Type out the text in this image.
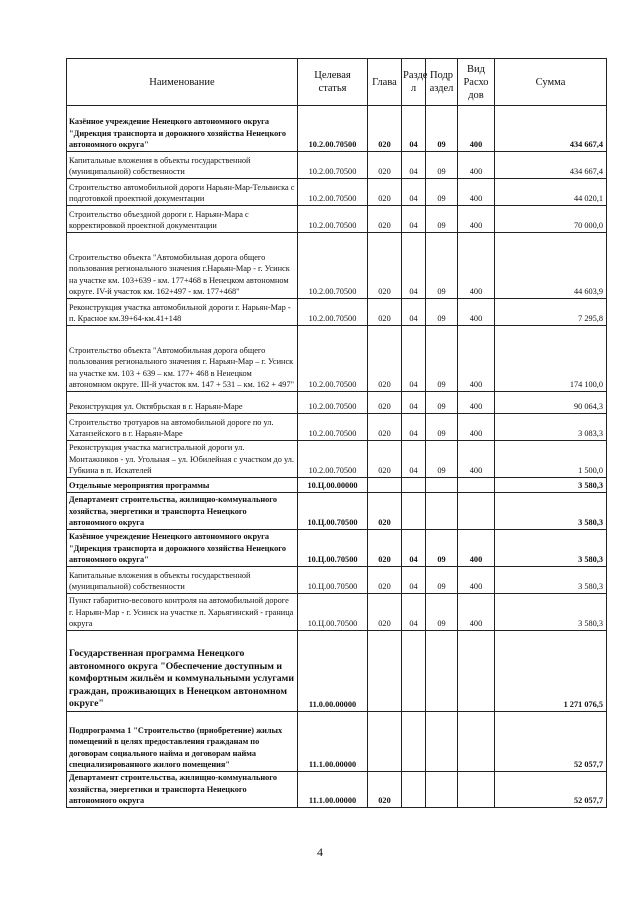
Наименование	Целевая статья	Глава	Разде л	Подр аздел	Вид Расхо дов	Сумма
Казённое учреждение Ненецкого автономного округа "Дирекция транспорта и дорожного хозяйства Ненецкого автономного округа"	10.2.00.70500	020	04	09	400	434 667,4
Капитальные вложения в объекты государственной (муниципальной) собственности	10.2.00.70500	020	04	09	400	434 667,4
Строительство автомобильной дороги Нарьян-Мар-Тельвиска с подготовкой проектной документации	10.2.00.70500	020	04	09	400	44 020,1
Строительство объездной дороги г. Нарьян-Мара с корректировкой проектной документации	10.2.00.70500	020	04	09	400	70 000,0
Строительство объекта "Автомобильная дорога общего пользования регионального значения г.Нарьян-Мар - г. Усинск на участке км. 103+639 - км. 177+468 в Ненецком автономном округе. IV-й участок км. 162+497 - км. 177+468"	10.2.00.70500	020	04	09	400	44 603,9
Реконструкция участка автомобильной дороги г. Нарьян-Мар - п. Красное км.39+64-км.41+148	10.2.00.70500	020	04	09	400	7 295,8
Строительство объекта "Автомобильная дорога общего пользования регионального значения г. Нарьян-Мар – г. Усинск на участке км. 103 + 639 – км. 177+ 468 в Ненецком автономном округе. III-й участок км. 147 + 531 – км. 162 + 497"	10.2.00.70500	020	04	09	400	174 100,0
Реконструкция ул. Октябрьская в г. Нарьян-Маре	10.2.00.70500	020	04	09	400	90 064,3
Строительство тротуаров на автомобильной дороге по ул. Хатанзейского в г. Нарьян-Маре	10.2.00.70500	020	04	09	400	3 083,3
Реконструкция участка магистральной дороги ул. Монтажников - ул. Угольная – ул. Юбилейная с участком до ул. Губкина в п. Искателей	10.2.00.70500	020	04	09	400	1 500,0
Отдельные мероприятия программы	10.Ц.00.00000					3 580,3
Департамент строительства, жилищно-коммунального хозяйства, энергетики и транспорта Ненецкого автономного округа	10.Ц.00.70500	020				3 580,3
Казённое учреждение Ненецкого автономного округа "Дирекция транспорта и дорожного хозяйства Ненецкого автономного округа"	10.Ц.00.70500	020	04	09	400	3 580,3
Капитальные вложения в объекты государственной (муниципальной) собственности	10.Ц.00.70500	020	04	09	400	3 580,3
Пункт габаритно-весового контроля на автомобильной дороге г. Нарьян-Мар - г. Усинск на участке п. Харьягинский - граница округа	10.Ц.00.70500	020	04	09	400	3 580,3
Государственная программа Ненецкого автономного округа "Обеспечение доступным и комфортным жильём и коммунальными услугами граждан, проживающих в Ненецком автономном округе"	11.0.00.00000					1 271 076,5
Подпрограмма 1 "Строительство (приобретение) жилых помещений в целях предоставления гражданам по договорам социального найма и договорам найма специализированного жилого помещения"	11.1.00.00000					52 057,7
Департамент строительства, жилищно-коммунального хозяйства, энергетики и транспорта Ненецкого автономного округа	11.1.00.00000	020				52 057,7
4
